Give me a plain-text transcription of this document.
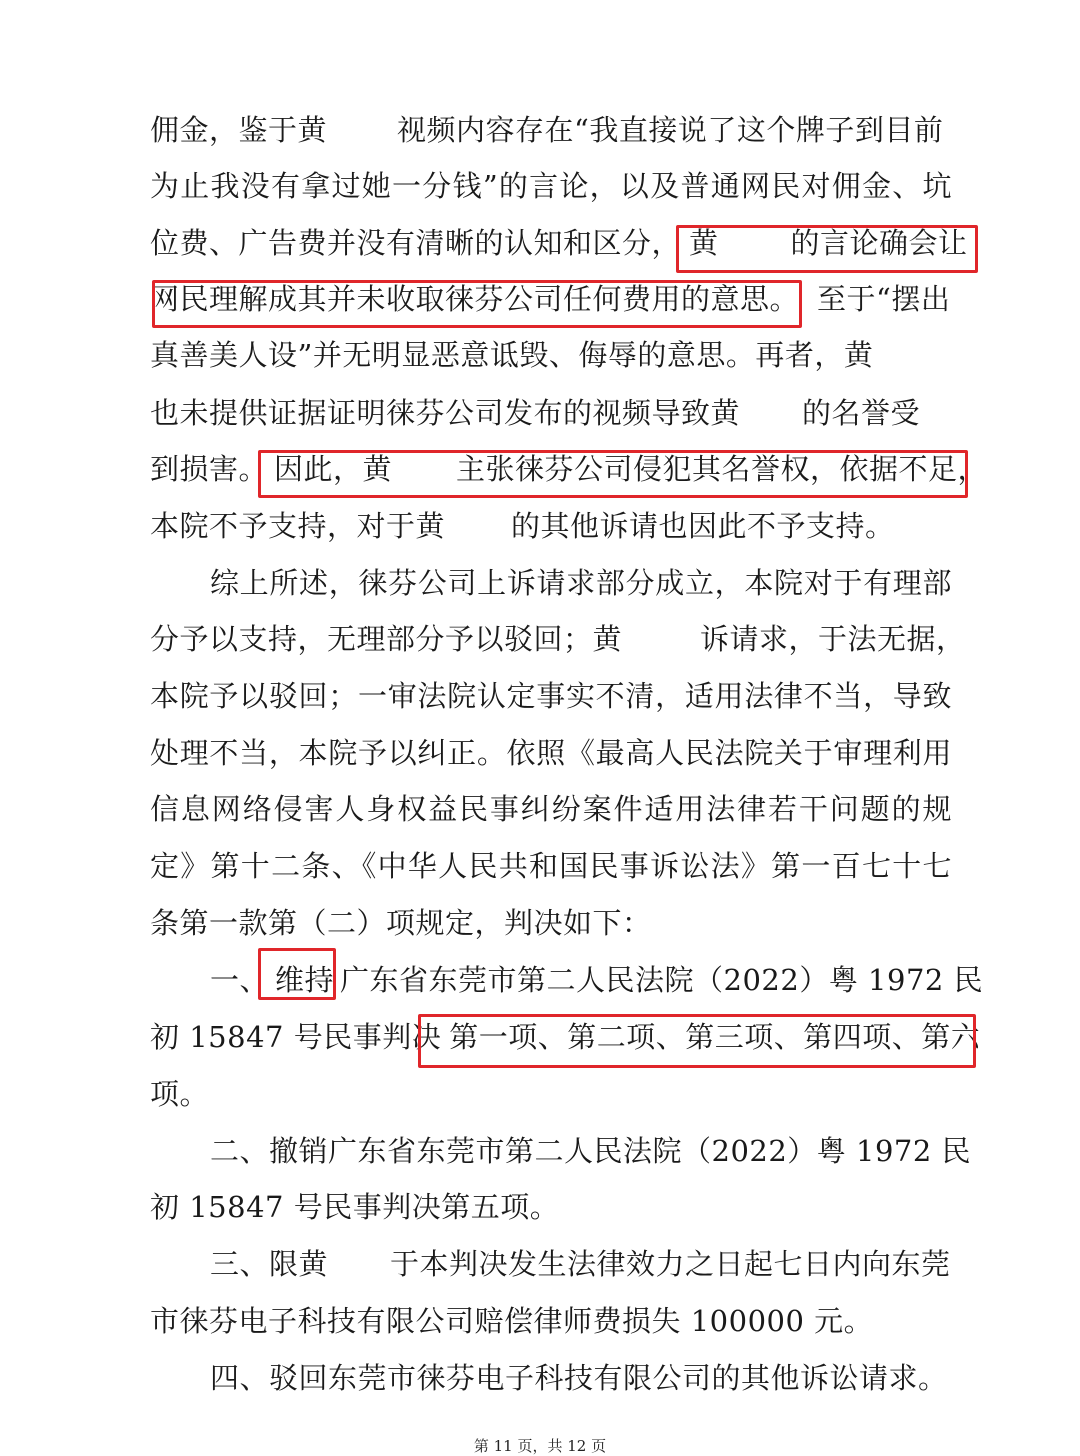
佣金，鉴于黄 视频内容存在“我直接说了这个牌子到目前
为止我没有拿过她一分钱”的言论，以及普通网民对佣金、坑
位费、广告费并没有清晰的认知和区分， 黄 的言论确会让
网民理解成其并未收取徕芬公司任何费用的意思。 至于“摆出
真善美人设”并无明显恶意诋毁、侮辱的意思。再者，黄
也未提供证据证明徕芬公司发布的视频导致黄 的名誉受
到损害。 因此，黄 主张徕芬公司侵犯其名誉权，依据不足，
本院不予支持，对于黄 的其他诉请也因此不予支持。
综上所述，徕芬公司上诉请求部分成立，本院对于有理部
分予以支持，无理部分予以驳回；黄	诉请求，于法无据，
本院予以驳回；一审法院认定事实不清，适用法律不当，导致
处理不当，本院予以纠正。依照《最高人民法院关于审理利用
信息网络侵害人身权益民事纠纷案件适用法律若干问题的规
定》第十二条、《中华人民共和国民事诉讼法》第一百七十七
条第一款第（二）项规定，判决如下：
一、 维持 广东省东莞市第二人民法院（2022）粤 1972 民
初 15847 号民事判决 第一项、第二项、第三项、第四项、第六
项。
二、撤销广东省东莞市第二人民法院（2022）粤 1972 民
初 15847 号民事判决第五项。
三、限黄 于本判决发生法律效力之日起七日内向东莞
市徕芬电子科技有限公司赔偿律师费损失 100000 元。
四、驳回东莞市徕芬电子科技有限公司的其他诉讼请求。
第 11 页，共 12 页
